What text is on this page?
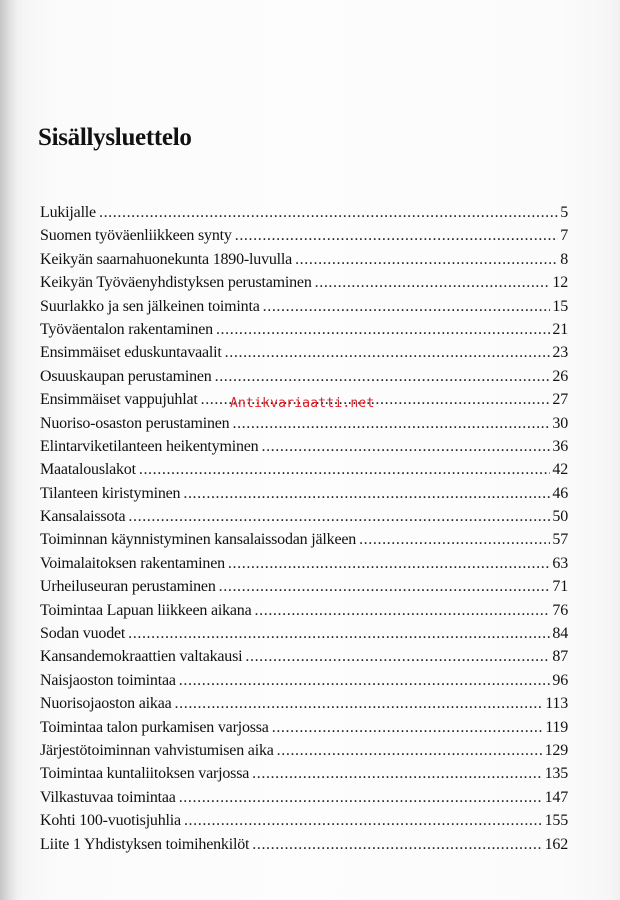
Sisällysluettelo
Lukijalle .....	5
Suomen työväenliikkeen synty .....	7
Keikyän saarnahuonekunta 1890-luvulla .....	8
Keikyän Työväenyhdistyksen perustaminen .....	12
Suurlakko ja sen jälkeinen toiminta .....	15
Työväentalon rakentaminen .....	21
Ensimmäiset eduskuntavaalit .....	23
Osuuskaupan perustaminen .....	26
Ensimmäiset vappujuhlat .....	27
Nuoriso-osaston perustaminen .....	30
Elintarviketilanteen heikentyminen .....	36
Maatalouslakot .....	42
Tilanteen kiristyminen .....	46
Kansalaissota .....	50
Toiminnan käynnistyminen kansalaissodan jälkeen .....	57
Voimalaitoksen rakentaminen .....	63
Urheiluseuran perustaminen .....	71
Toimintaa Lapuan liikkeen aikana .....	76
Sodan vuodet .....	84
Kansandemokraattien valtakausi .....	87
Naisjaoston toimintaa .....	96
Nuorisojaoston aikaa .....	113
Toimintaa talon purkamisen varjossa .....	119
Järjestötoiminnan vahvistumisen aika .....	129
Toimintaa kuntaliitoksen varjossa .....	135
Vilkastuvaa toimintaa .....	147
Kohti 100-vuotisjuhlia .....	155
Liite 1 Yhdistyksen toimihenkilöt .....	162
Antikvariaatti.net
